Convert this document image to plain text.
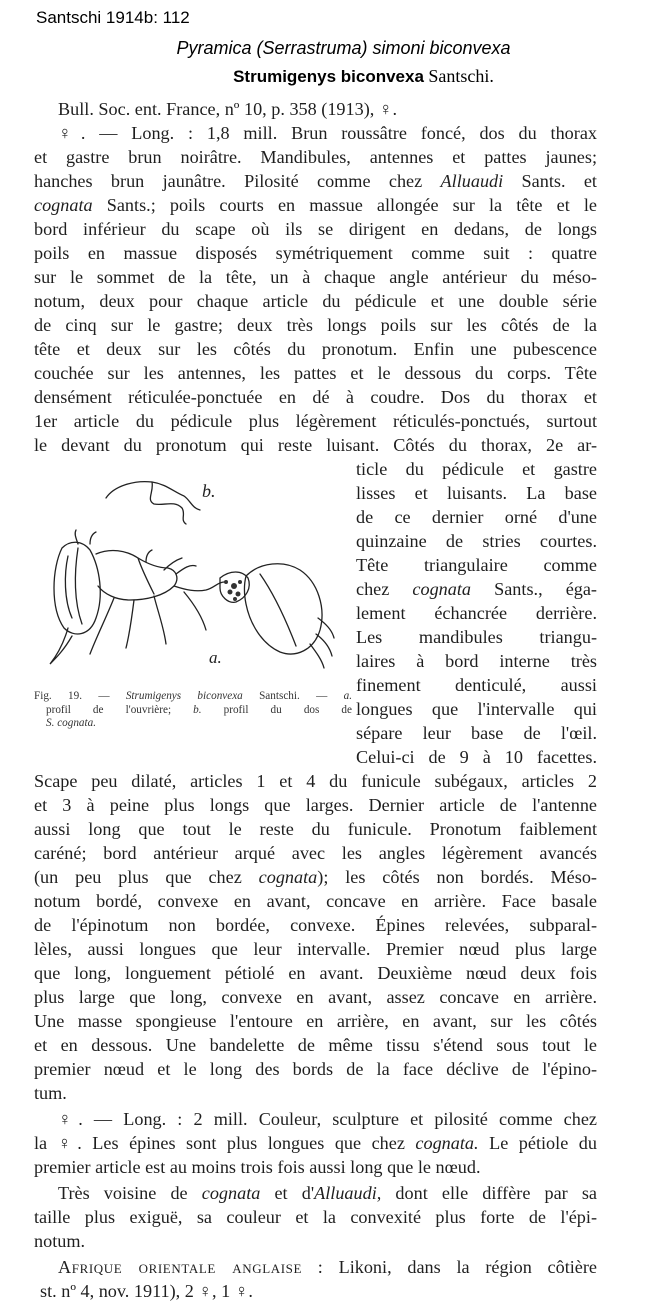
Santschi 1914b: 112
Pyramica (Serrastruma) simoni biconvexa
Strumigenys biconvexa Santschi.
Bull. Soc. ent. France, nº 10, p. 358 (1913), ♀.
♀. — Long. : 1,8 mill. Brun roussâtre foncé, dos du thorax
et gastre brun noirâtre. Mandibules, antennes et pattes jaunes;
hanches brun jaunâtre. Pilosité comme chez Alluaudi Sants. et
cognata Sants.; poils courts en massue allongée sur la tête et le
bord inférieur du scape où ils se dirigent en dedans, de longs
poils en massue disposés symétriquement comme suit : quatre
sur le sommet de la tête, un à chaque angle antérieur du méso-
notum, deux pour chaque article du pédicule et une double série
de cinq sur le gastre; deux très longs poils sur les côtés de la
tête et deux sur les côtés du pronotum. Enfin une pubescence
couchée sur les antennes, les pattes et le dessous du corps. Tête
densément réticulée-ponctuée en dé à coudre. Dos du thorax et
1er article du pédicule plus légèrement réticulés-ponctués, surtout
le devant du pronotum qui reste luisant. Côtés du thorax, 2e ar-
ticle du pédicule et gastre
lisses et luisants. La base
de ce dernier orné d'une
quinzaine de stries courtes.
Tête triangulaire comme
chez cognata Sants., éga-
lement échancrée derrière.
Les mandibules triangu-
laires à bord interne très
finement denticulé, aussi
longues que l'intervalle qui
sépare leur base de l'œil.
Celui-ci de 9 à 10 facettes.
Scape peu dilaté, articles 1 et 4 du funicule subégaux, articles 2
et 3 à peine plus longs que larges. Dernier article de l'antenne
aussi long que tout le reste du funicule. Pronotum faiblement
caréné; bord antérieur arqué avec les angles légèrement avancés
(un peu plus que chez cognata); les côtés non bordés. Méso-
notum bordé, convexe en avant, concave en arrière. Face basale
de l'épinotum non bordée, convexe. Épines relevées, subparal-
lèles, aussi longues que leur intervalle. Premier nœud plus large
que long, longuement pétiolé en avant. Deuxième nœud deux fois
plus large que long, convexe en avant, assez concave en arrière.
Une masse spongieuse l'entoure en arrière, en avant, sur les côtés
et en dessous. Une bandelette de même tissu s'étend sous tout le
premier nœud et le long des bords de la face déclive de l'épino-
tum.
♀. — Long. : 2 mill. Couleur, sculpture et pilosité comme chez
la ♀. Les épines sont plus longues que chez cognata. Le pétiole du
premier article est au moins trois fois aussi long que le nœud.
Très voisine de cognata et d'Alluaudi, dont elle diffère par sa
taille plus exiguë, sa couleur et la convexité plus forte de l'épi-
notum.
Afrique orientale anglaise : Likoni, dans la région côtière
st. nº 4, nov. 1911), 2 ♀, 1 ♀.
b.
a.
Fig. 19. — Strumigenys biconvexa Santschi. — a.
profil de l'ouvrière; b. profil du dos de
S. cognata.
